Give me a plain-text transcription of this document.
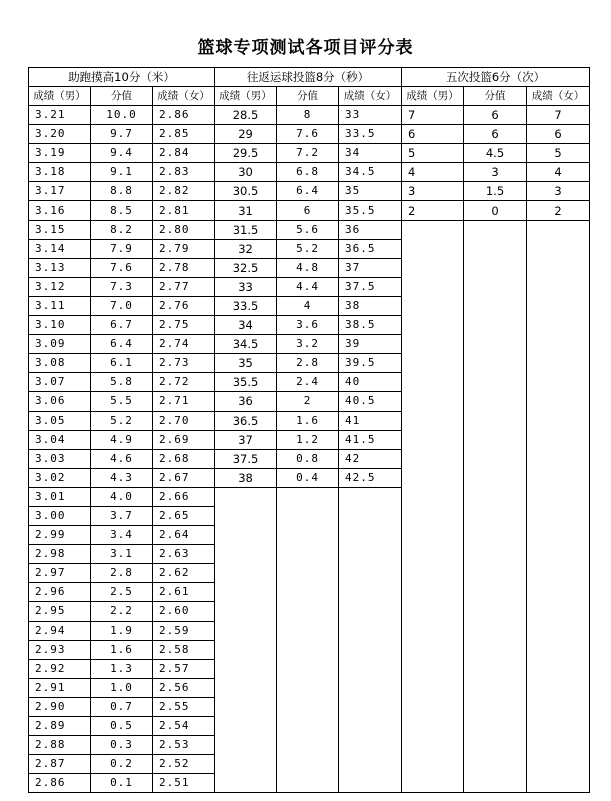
篮球专项测试各项目评分表
助跑摸高10分（米）			往返运球投篮8分（秒）			五次投篮6分（次）		
成绩（男）	分值	成绩（女）	成绩（男）	分值	成绩（女）	成绩（男）	分值	成绩（女）
3.21	10.0	2.86	28.5	8	33	7	6	7
3.20	9.7	2.85	29	7.6	33.5	6	6	6
3.19	9.4	2.84	29.5	7.2	34	5	4.5	5
3.18	9.1	2.83	30	6.8	34.5	4	3	4
3.17	8.8	2.82	30.5	6.4	35	3	1.5	3
3.16	8.5	2.81	31	6	35.5	2	0	2
3.15	8.2	2.80	31.5	5.6	36			
3.14	7.9	2.79	32	5.2	36.5			
3.13	7.6	2.78	32.5	4.8	37			
3.12	7.3	2.77	33	4.4	37.5			
3.11	7.0	2.76	33.5	4	38			
3.10	6.7	2.75	34	3.6	38.5			
3.09	6.4	2.74	34.5	3.2	39			
3.08	6.1	2.73	35	2.8	39.5			
3.07	5.8	2.72	35.5	2.4	40			
3.06	5.5	2.71	36	2	40.5			
3.05	5.2	2.70	36.5	1.6	41			
3.04	4.9	2.69	37	1.2	41.5			
3.03	4.6	2.68	37.5	0.8	42			
3.02	4.3	2.67	38	0.4	42.5			
3.01	4.0	2.66						
3.00	3.7	2.65						
2.99	3.4	2.64						
2.98	3.1	2.63						
2.97	2.8	2.62						
2.96	2.5	2.61						
2.95	2.2	2.60						
2.94	1.9	2.59						
2.93	1.6	2.58						
2.92	1.3	2.57						
2.91	1.0	2.56						
2.90	0.7	2.55						
2.89	0.5	2.54						
2.88	0.3	2.53						
2.87	0.2	2.52						
2.86	0.1	2.51						
